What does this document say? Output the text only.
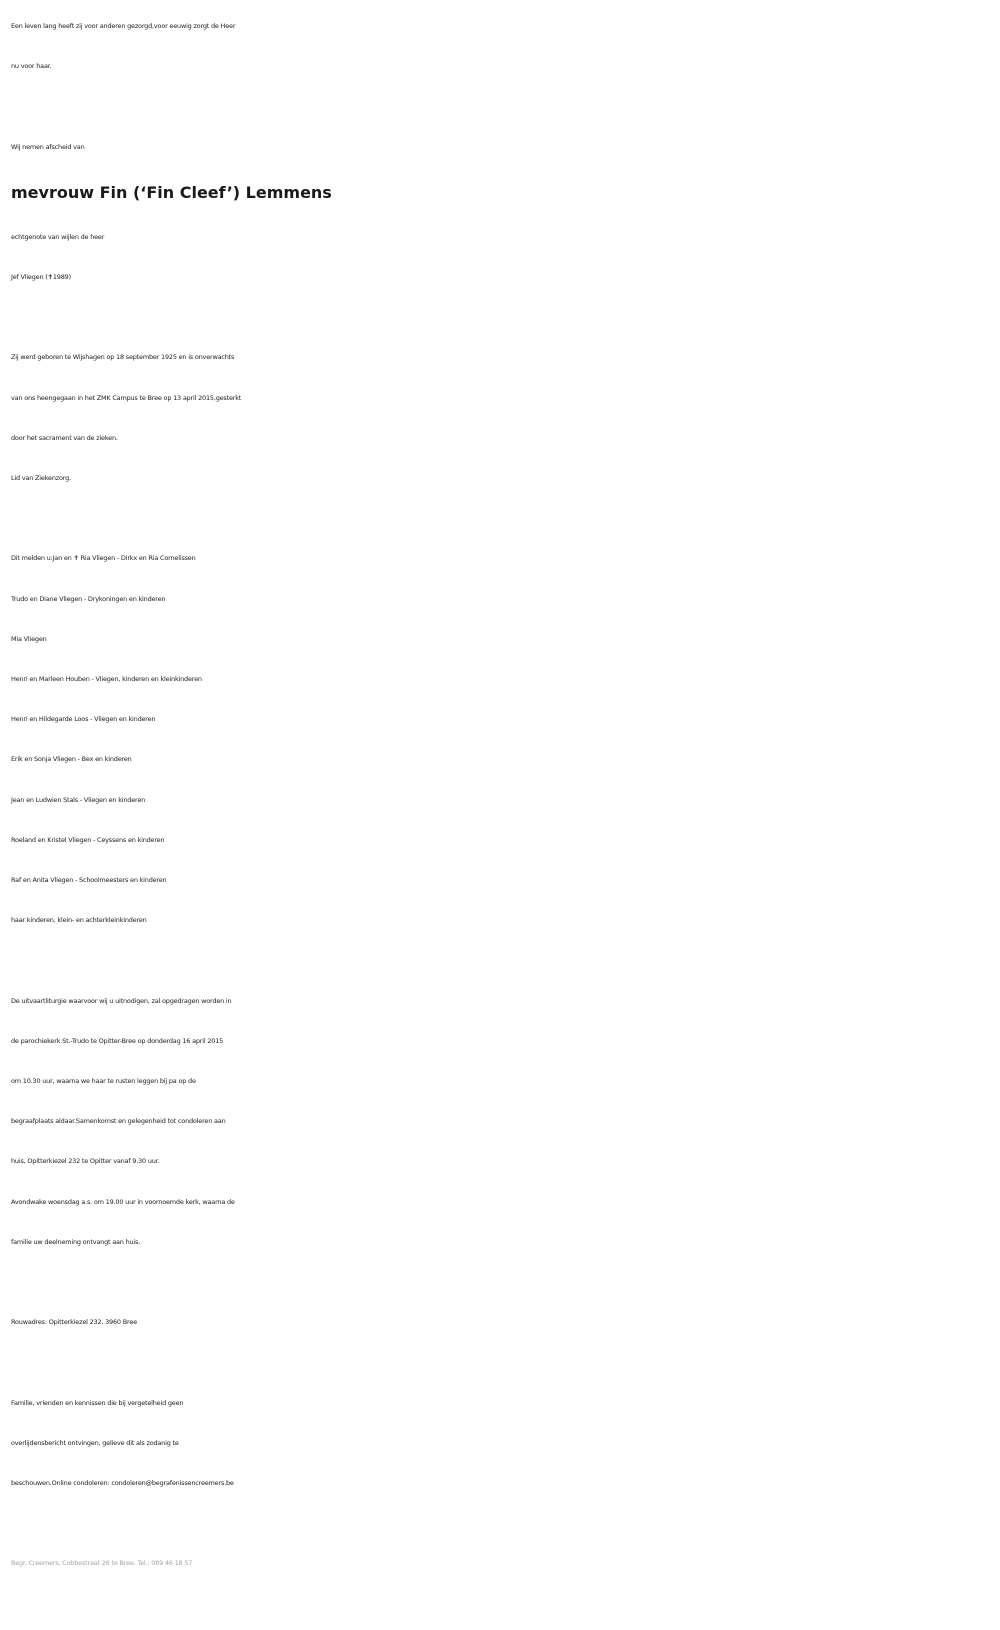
Een leven lang heeft zij voor anderen gezorgd,voor eeuwig zorgt de Heer
nu voor haar.
Wij nemen afscheid van
mevrouw Fin (‘Fin Cleef’) Lemmens
echtgenote van wijlen de heer
Jef Vliegen (✝1989)
Zij werd geboren te Wijshagen op 18 september 1925 en is onverwachts
van ons heengegaan in het ZMK Campus te Bree op 13 april 2015,gesterkt
door het sacrament van de zieken.
Lid van Ziekenzorg.
Dit melden u:Jan en ✝ Ria Vliegen - Dirkx en Ria Cornelissen
Trudo en Diane Vliegen - Drykoningen en kinderen
Mia Vliegen
Henri en Marleen Houben - Vliegen, kinderen en kleinkinderen
Henri en Hildegarde Loos - Vliegen en kinderen
Erik en Sonja Vliegen - Bex en kinderen
Jean en Ludwien Stals - Vliegen en kinderen
Roeland en Kristel Vliegen - Ceyssens en kinderen
Raf en Anita Vliegen - Schoolmeesters en kinderen
haar kinderen, klein- en achterkleinkinderen
De uitvaartliturgie waarvoor wij u uitnodigen, zal opgedragen worden in
de parochiekerk St.-Trudo te Opitter-Bree op donderdag 16 april 2015
om 10.30 uur, waarna we haar te rusten leggen bij pa op de
begraafplaats aldaar.Samenkomst en gelegenheid tot condoleren aan
huis, Opitterkiezel 232 te Opitter vanaf 9.30 uur.
Avondwake woensdag a.s. om 19.00 uur in voornoemde kerk, waarna de
familie uw deelneming ontvangt aan huis.
Rouwadres: Opitterkiezel 232, 3960 Bree
Familie, vrienden en kennissen die bij vergetelheid geen
overlijdensbericht ontvingen, gelieve dit als zodanig te
beschouwen.Online condoleren: condoleren@begrafenissencreemers.be
Begr. Creemers, Cobbestraat 26 te Bree, Tel.: 089 46 18 57
